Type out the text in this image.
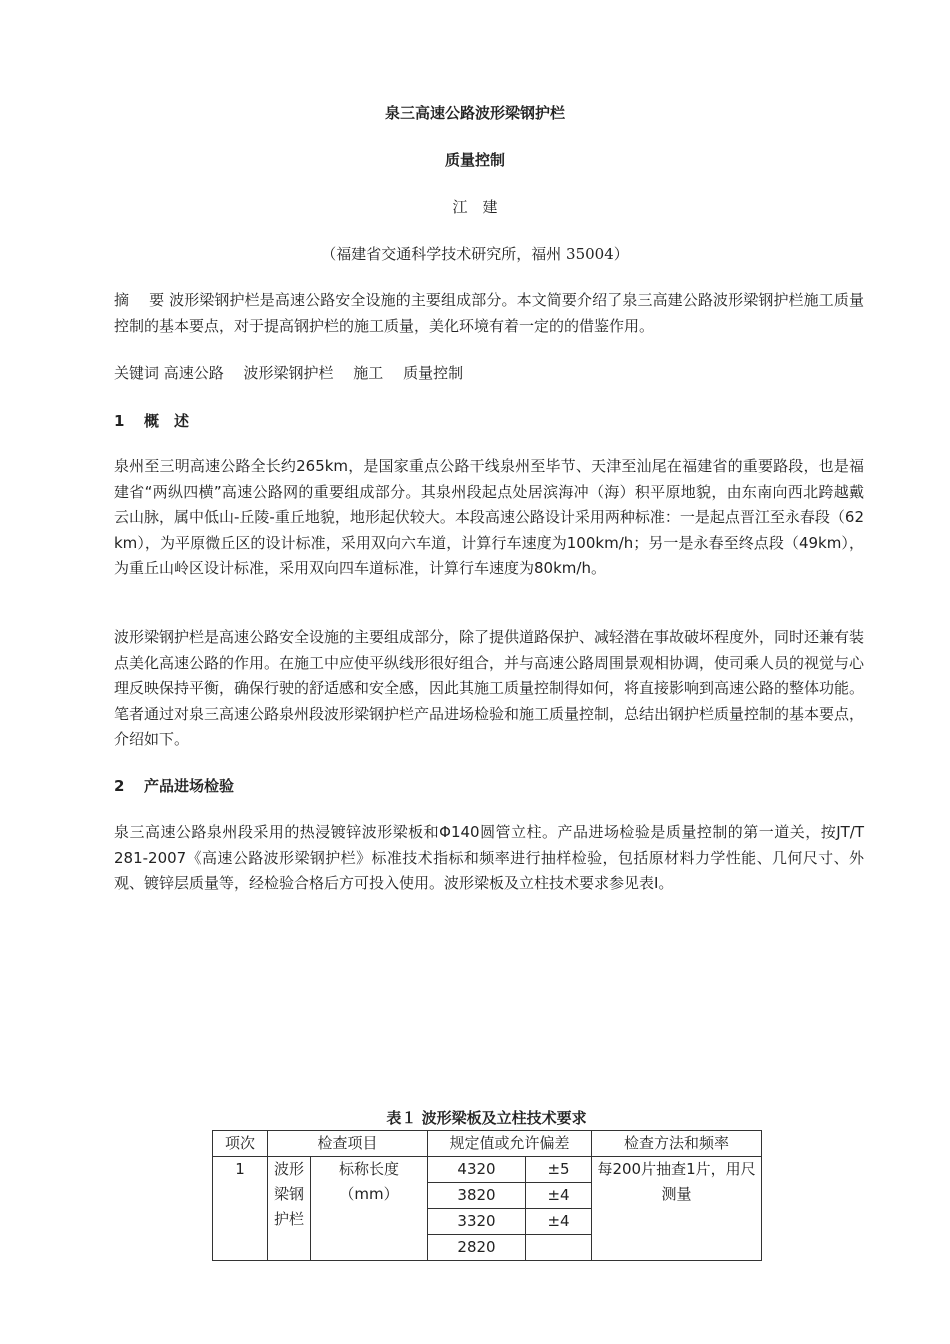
泉三高速公路波形梁钢护栏
质量控制
江　建
（福建省交通科学技术研究所，福州 35004）
摘　 要 波形梁钢护栏是高速公路安全设施的主要组成部分。本文简要介绍了泉三高建公路波形梁钢护栏施工质量控制的基本要点，对于提高钢护栏的施工质量，美化环境有着一定的的借鉴作用。
关键词 高速公路　 波形梁钢护栏　 施工　 质量控制
1 概　述
泉州至三明高速公路全长约265km，是国家重点公路干线泉州至毕节、天津至汕尾在福建省的重要路段，也是福建省“两纵四横”高速公路网的重要组成部分。其泉州段起点处居滨海冲（海）积平原地貌，由东南向西北跨越戴云山脉，属中低山-丘陵-重丘地貌，地形起伏较大。本段高速公路设计采用两种标准：一是起点晋江至永春段（62 km），为平原微丘区的设计标准，采用双向六车道，计算行车速度为100km/h；另一是永春至终点段（49km），为重丘山岭区设计标准，采用双向四车道标准，计算行车速度为80km/h。
波形梁钢护栏是高速公路安全设施的主要组成部分，除了提供道路保护、减轻潜在事故破坏程度外，同时还兼有装点美化高速公路的作用。在施工中应使平纵线形很好组合，并与高速公路周围景观相协调，使司乘人员的视觉与心理反映保持平衡，确保行驶的舒适感和安全感，因此其施工质量控制得如何，将直接影响到高速公路的整体功能。笔者通过对泉三高速公路泉州段波形梁钢护栏产品进场检验和施工质量控制，总结出钢护栏质量控制的基本要点，介绍如下。
2 产品进场检验
泉三高速公路泉州段采用的热浸镀锌波形梁板和Φ140圆管立柱。产品进场检验是质量控制的第一道关，按JT/T 281-2007《高速公路波形梁钢护栏》标准技术指标和频率进行抽样检验，包括原材料力学性能、几何尺寸、外观、镀锌层质量等，经检验合格后方可投入使用。波形梁板及立柱技术要求参见表Ⅰ。
表１ 波形梁板及立柱技术要求
项次	检查项目		规定值或允许偏差		检查方法和频率
1	波形梁钢护栏	标称长度（mm）	4320	±5	每200片抽查1片，用尺测量
			3820	±4	
			3320	±4	
			2820		
